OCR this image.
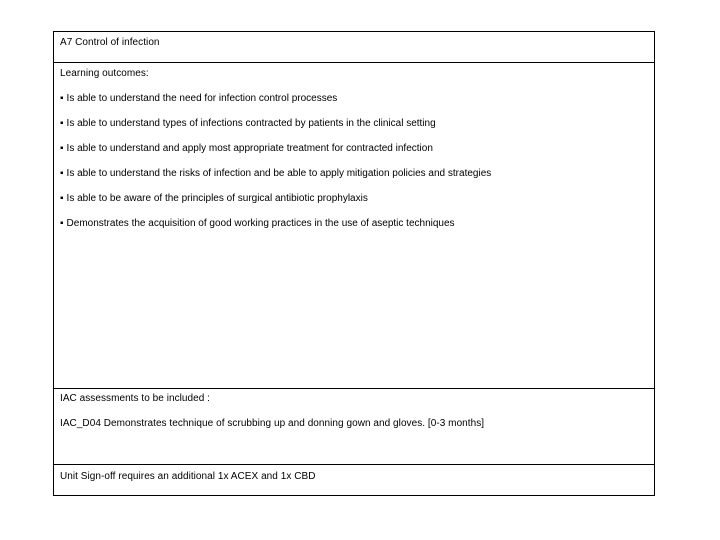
A7 Control of infection
Learning outcomes:
▪ Is able to understand the need for infection control processes
▪ Is able to understand types of infections contracted by patients in the clinical setting
▪ Is able to understand and apply most appropriate treatment for contracted infection
▪ Is able to understand the risks of infection and be able to apply mitigation policies and strategies
▪ Is able to be aware of the principles of surgical antibiotic prophylaxis
▪ Demonstrates the acquisition of good working practices in the use of aseptic techniques
IAC assessments to be included :
IAC_D04 Demonstrates technique of scrubbing up and donning gown and gloves. [0-3 months]
Unit Sign-off requires an additional 1x ACEX and 1x CBD
